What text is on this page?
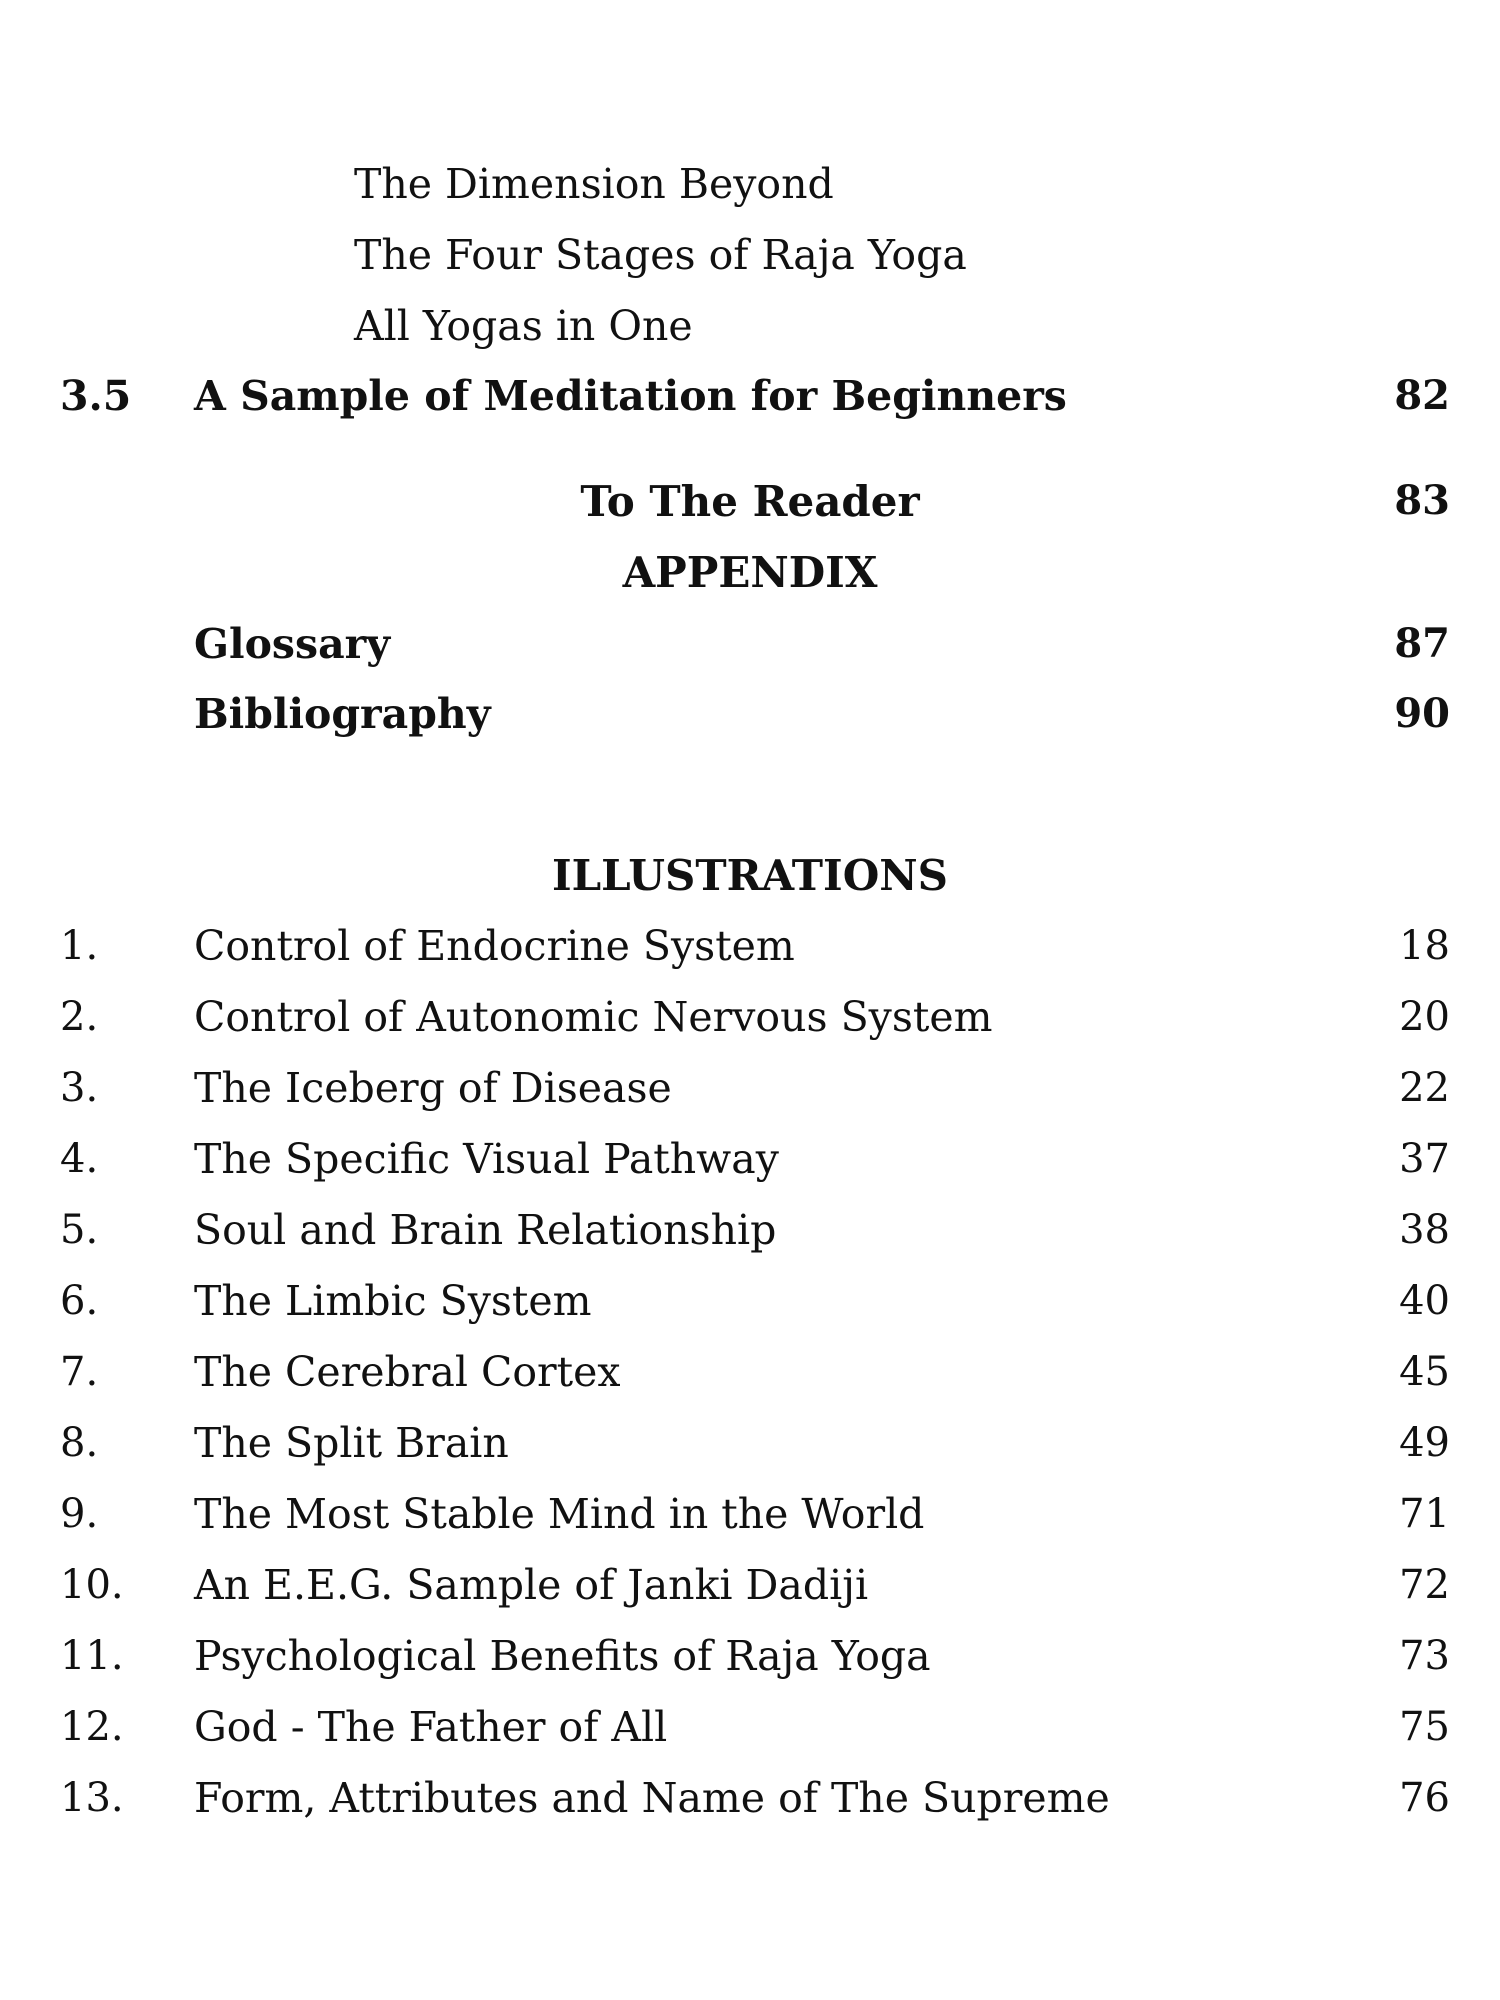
The Dimension Beyond
The Four Stages of Raja Yoga
All Yogas in One
3.5 A Sample of Meditation for Beginners	82
To The Reader	83
APPENDIX
Glossary	87
Bibliography	90
ILLUSTRATIONS
1. Control of Endocrine System	18
2. Control of Autonomic Nervous System	20
3. The Iceberg of Disease	22
4. The Specific Visual Pathway	37
5. Soul and Brain Relationship	38
6. The Limbic System	40
7. The Cerebral Cortex	45
8. The Split Brain	49
9. The Most Stable Mind in the World	71
10. An E.E.G. Sample of Janki Dadiji	72
11. Psychological Benefits of Raja Yoga	73
12. God - The Father of All	75
13. Form, Attributes and Name of The Supreme	76
